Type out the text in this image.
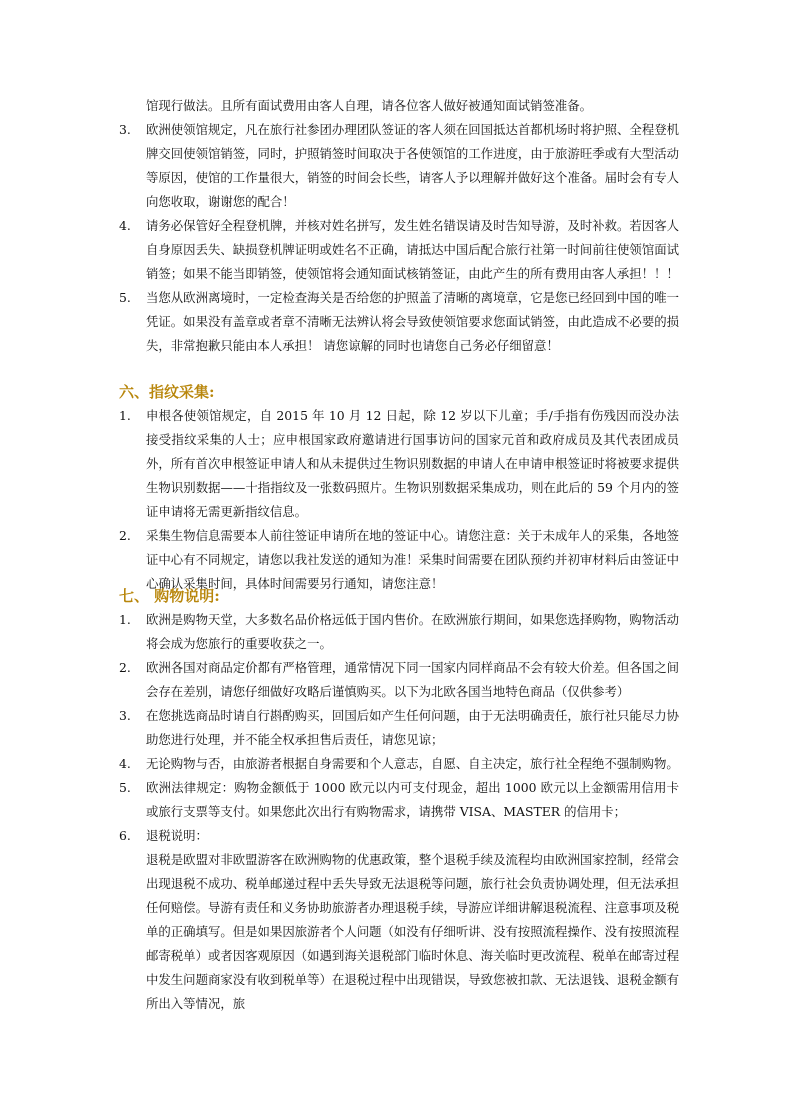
馆现行做法。且所有面试费用由客人自理，请各位客人做好被通知面试销签准备。

3. 欧洲使领馆规定，凡在旅行社参团办理团队签证的客人须在回国抵达首都机场时将护照、全程登机牌交回使领馆销签，同时，护照销签时间取决于各使领馆的工作进度，由于旅游旺季或有大型活动等原因，使馆的工作量很大，销签的时间会长些，请客人予以理解并做好这个准备。届时会有专人向您收取，谢谢您的配合！

4. 请务必保管好全程登机牌，并核对姓名拼写，发生姓名错误请及时告知导游，及时补救。若因客人自身原因丢失、缺损登机牌证明或姓名不正确，请抵达中国后配合旅行社第一时间前往使领馆面试销签；如果不能当即销签，使领馆将会通知面试核销签证，由此产生的所有费用由客人承担！！！

5. 当您从欧洲离境时，一定检查海关是否给您的护照盖了清晰的离境章，它是您已经回到中国的唯一凭证。如果没有盖章或者章不清晰无法辨认将会导致使领馆要求您面试销签，由此造成不必要的损失，非常抱歉只能由本人承担！ 请您谅解的同时也请您自己务必仔细留意！

六、指纹采集:
1. 申根各使领馆规定，自 2015 年 10 月 12 日起，除 12 岁以下儿童；手/手指有伤残因而没办法接受指纹采集的人士；应申根国家政府邀请进行国事访问的国家元首和政府成员及其代表团成员外，所有首次申根签证申请人和从未提供过生物识别数据的申请人在申请申根签证时将被要求提供生物识别数据——十指指纹及一张数码照片。生物识别数据采集成功，则在此后的 59 个月内的签证申请将无需更新指纹信息。

2. 采集生物信息需要本人前往签证申请所在地的签证中心。请您注意：关于未成年人的采集，各地签证中心有不同规定，请您以我社发送的通知为准！采集时间需要在团队预约并初审材料后由签证中心确认采集时间，具体时间需要另行通知，请您注意！

七、 购物说明:
1. 欧洲是购物天堂，大多数名品价格远低于国内售价。在欧洲旅行期间，如果您选择购物，购物活动将会成为您旅行的重要收获之一。

2. 欧洲各国对商品定价都有严格管理，通常情况下同一国家内同样商品不会有较大价差。但各国之间会存在差别，请您仔细做好攻略后谨慎购买。以下为北欧各国当地特色商品（仅供参考）

3. 在您挑选商品时请自行斟酌购买，回国后如产生任何问题，由于无法明确责任，旅行社只能尽力协助您进行处理，并不能全权承担售后责任，请您见谅；

4. 无论购物与否，由旅游者根据自身需要和个人意志，自愿、自主决定，旅行社全程绝不强制购物。

5. 欧洲法律规定：购物金额低于 1000 欧元以内可支付现金，超出 1000 欧元以上金额需用信用卡或旅行支票等支付。如果您此次出行有购物需求，请携带 VISA、MASTER 的信用卡；

6. 退税说明：

退税是欧盟对非欧盟游客在欧洲购物的优惠政策，整个退税手续及流程均由欧洲国家控制，经常会出现退税不成功、税单邮递过程中丢失导致无法退税等问题，旅行社会负责协调处理，但无法承担任何赔偿。导游有责任和义务协助旅游者办理退税手续，导游应详细讲解退税流程、注意事项及税单的正确填写。但是如果因旅游者个人问题（如没有仔细听讲、没有按照流程操作、没有按照流程邮寄税单）或者因客观原因（如遇到海关退税部门临时休息、海关临时更改流程、税单在邮寄过程中发生问题商家没有收到税单等）在退税过程中出现错误，导致您被扣款、无法退钱、退税金额有所出入等情况，旅
